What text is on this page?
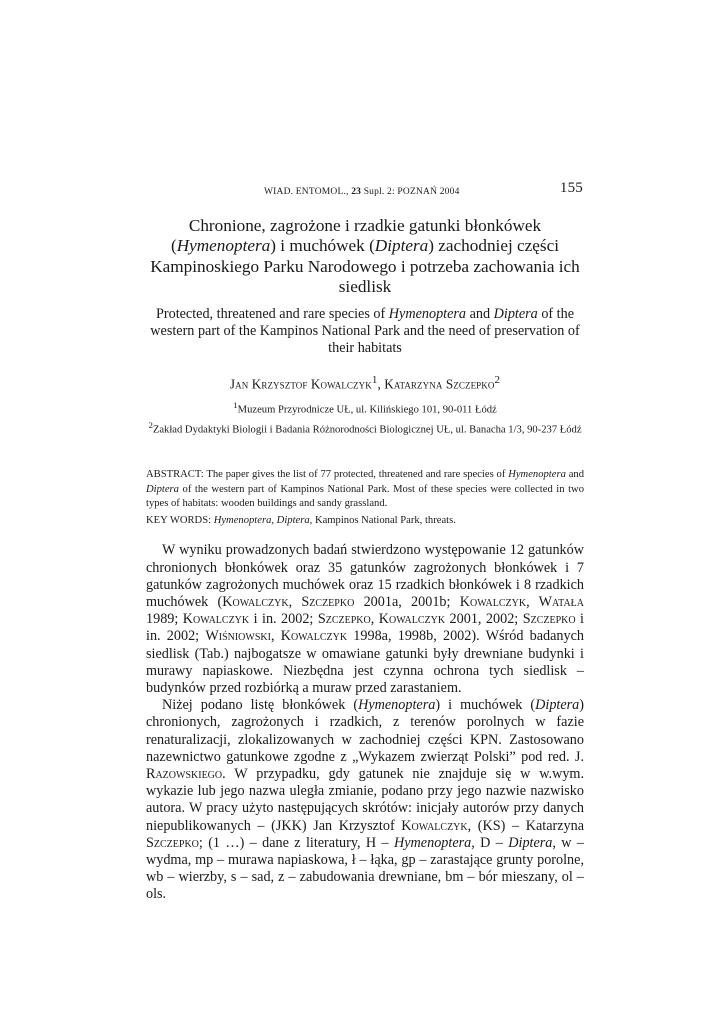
WIAD. ENTOMOL., 23 Supl. 2: POZNAŃ 2004	155
Chronione, zagrożone i rzadkie gatunki błonkówek (Hymenoptera) i muchówek (Diptera) zachodniej części Kampinoskiego Parku Narodowego i potrzeba zachowania ich siedlisk
Protected, threatened and rare species of Hymenoptera and Diptera of the western part of the Kampinos National Park and the need of preservation of their habitats
Jan Krzysztof Kowalczyk$^1$, Katarzyna Szczepko$^2$
$^1$Muzeum Przyrodnicze UŁ, ul. Kilińskiego 101, 90-011 Łódź
$^2$Zakład Dydaktyki Biologii i Badania Różnorodności Biologicznej UŁ, ul. Banacha 1/3, 90-237 Łódź
ABSTRACT: The paper gives the list of 77 protected, threatened and rare species of Hymenoptera and Diptera of the western part of Kampinos National Park. Most of these species were collected in two types of habitats: wooden buildings and sandy grassland.
KEY WORDS: Hymenoptera, Diptera, Kampinos National Park, threats.

W wyniku prowadzonych badań stwierdzono występowanie 12 gatunków chronionych błonkówek oraz 35 gatunków zagrożonych błonkówek i 7 gatunków zagrożonych muchówek oraz 15 rzadkich błonkówek i 8 rzadkich muchówek (Kowalczyk, Szczepko 2001a, 2001b; Kowalczyk, Watała 1989; Kowalczyk i in. 2002; Szczepko, Kowalczyk 2001, 2002; Szczepko i in. 2002; Wiśniowski, Kowalczyk 1998a, 1998b, 2002). Wśród badanych siedlisk (Tab.) najbogatsze w omawiane gatunki były drewniane budynki i murawy napiaskowe. Niezbędna jest czynna ochrona tych siedlisk – budynków przed rozbiórką a muraw przed zarastaniem.

Niżej podano listę błonkówek (Hymenoptera) i muchówek (Diptera) chronionych, zagrożonych i rzadkich, z terenów porolnych w fazie renaturalizacji, zlokalizowanych w zachodniej części KPN. Zastosowano nazewnictwo gatunkowe zgodne z „Wykazem zwierząt Polski” pod red. J. Razowskiego. W przypadku, gdy gatunek nie znajduje się w w.wym. wykazie lub jego nazwa uległa zmianie, podano przy jego nazwie nazwisko autora. W pracy użyto następujących skrótów: inicjały autorów przy danych niepublikowanych – (JKK) Jan Krzysztof Kowalczyk, (KS) – Katarzyna Szczepko; (1 …) – dane z literatury, H – Hymenoptera, D – Diptera, w – wydma, mp – murawa napiaskowa, ł – łąka, gp – zarastające grunty porolne, wb – wierzby, s – sad, z – zabudowania drewniane, bm – bór mieszany, ol – ols.
